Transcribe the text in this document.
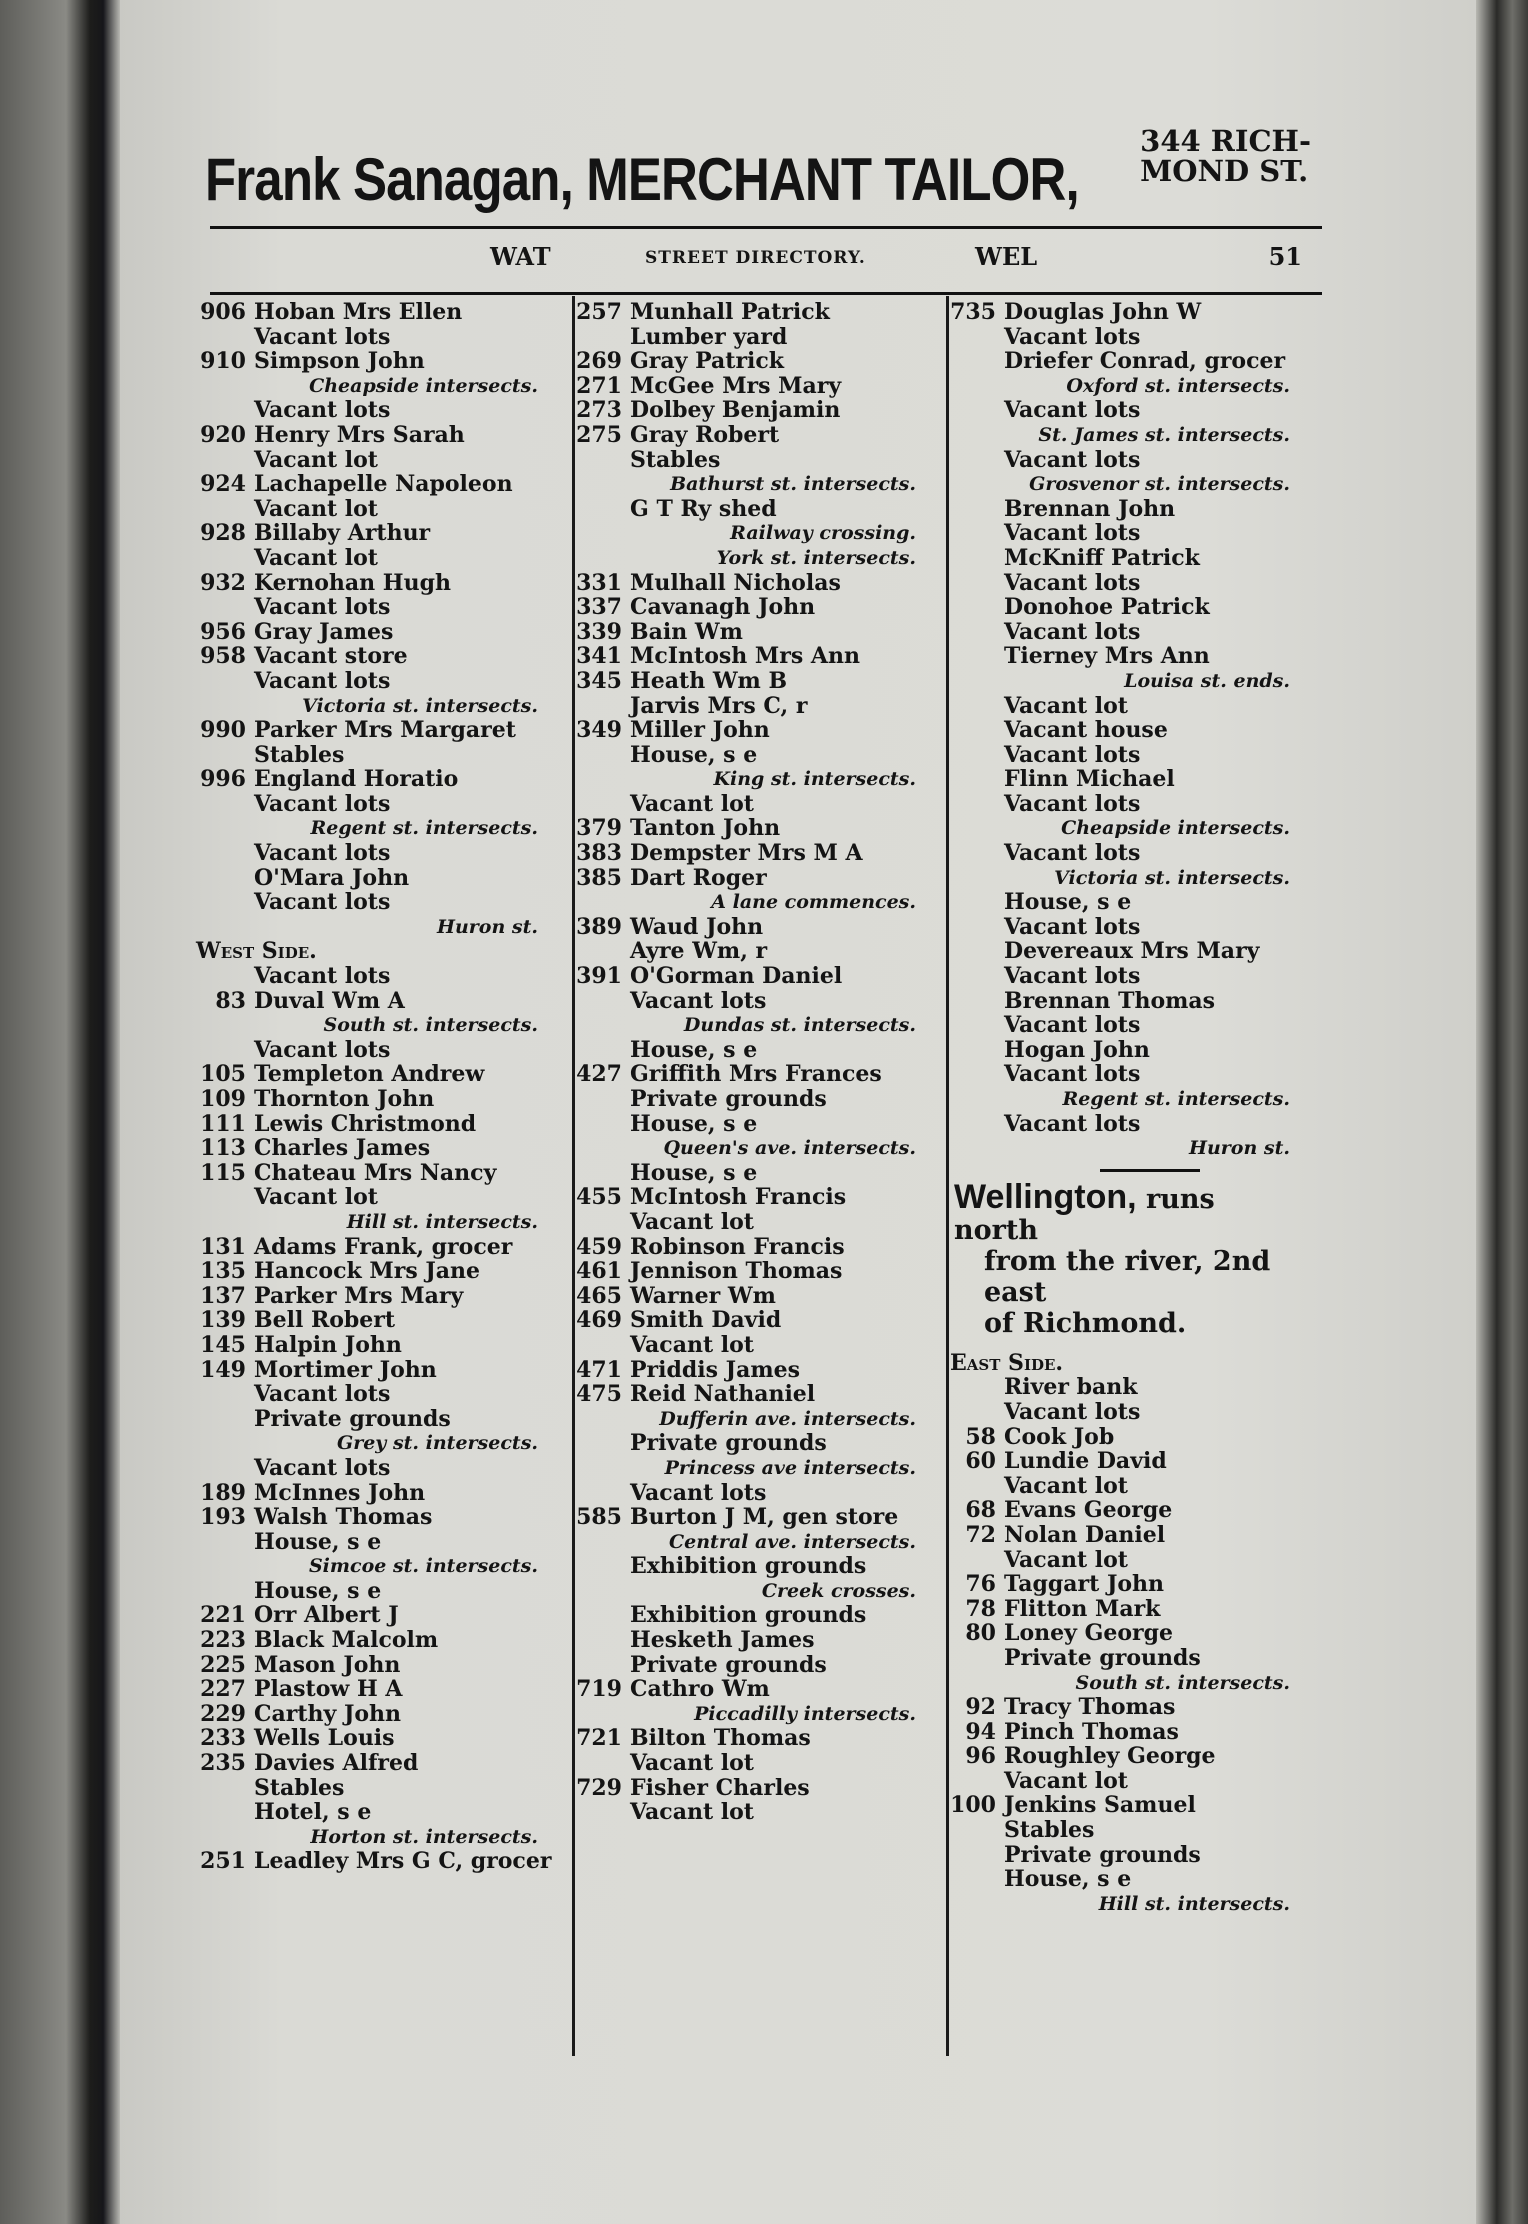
Frank Sanagan, MERCHANT TAILOR,
344 RICH-
MOND ST.
WAT	STREET DIRECTORY.	WEL	51
906 Hoban Mrs Ellen
Vacant lots
910 Simpson John
Cheapside intersects.
Vacant lots
920 Henry Mrs Sarah
Vacant lot
924 Lachapelle Napoleon
Vacant lot
928 Billaby Arthur
Vacant lot
932 Kernohan Hugh
Vacant lots
956 Gray James
958 Vacant store
Vacant lots
Victoria st. intersects.
990 Parker Mrs Margaret
Stables
996 England Horatio
Vacant lots
Regent st. intersects.
Vacant lots
O'Mara John
Vacant lots
Huron st.
West Side.
Vacant lots
83 Duval Wm A
South st. intersects.
Vacant lots
105 Templeton Andrew
109 Thornton John
111 Lewis Christmond
113 Charles James
115 Chateau Mrs Nancy
Vacant lot
Hill st. intersects.
131 Adams Frank, grocer
135 Hancock Mrs Jane
137 Parker Mrs Mary
139 Bell Robert
145 Halpin John
149 Mortimer John
Vacant lots
Private grounds
Grey st. intersects.
Vacant lots
189 McInnes John
193 Walsh Thomas
House, s e
Simcoe st. intersects.
House, s e
221 Orr Albert J
223 Black Malcolm
225 Mason John
227 Plastow H A
229 Carthy John
233 Wells Louis
235 Davies Alfred
Stables
Hotel, s e
Horton st. intersects.
251 Leadley Mrs G C, grocer
257 Munhall Patrick
Lumber yard
269 Gray Patrick
271 McGee Mrs Mary
273 Dolbey Benjamin
275 Gray Robert
Stables
Bathurst st. intersects.
G T Ry shed
Railway crossing.
York st. intersects.
331 Mulhall Nicholas
337 Cavanagh John
339 Bain Wm
341 McIntosh Mrs Ann
345 Heath Wm B
Jarvis Mrs C, r
349 Miller John
House, s e
King st. intersects.
Vacant lot
379 Tanton John
383 Dempster Mrs M A
385 Dart Roger
A lane commences.
389 Waud John
Ayre Wm, r
391 O'Gorman Daniel
Vacant lots
Dundas st. intersects.
House, s e
427 Griffith Mrs Frances
Private grounds
House, s e
Queen's ave. intersects.
House, s e
455 McIntosh Francis
Vacant lot
459 Robinson Francis
461 Jennison Thomas
465 Warner Wm
469 Smith David
Vacant lot
471 Priddis James
475 Reid Nathaniel
Dufferin ave. intersects.
Private grounds
Princess ave intersects.
Vacant lots
585 Burton J M, gen store
Central ave. intersects.
Exhibition grounds
Creek crosses.
Exhibition grounds
Hesketh James
Private grounds
719 Cathro Wm
Piccadilly intersects.
721 Bilton Thomas
Vacant lot
729 Fisher Charles
Vacant lot
735 Douglas John W
Vacant lots
Driefer Conrad, grocer
Oxford st. intersects.
Vacant lots
St. James st. intersects.
Vacant lots
Grosvenor st. intersects.
Brennan John
Vacant lots
McKniff Patrick
Vacant lots
Donohoe Patrick
Vacant lots
Tierney Mrs Ann
Louisa st. ends.
Vacant lot
Vacant house
Vacant lots
Flinn Michael
Vacant lots
Cheapside intersects.
Vacant lots
Victoria st. intersects.
House, s e
Vacant lots
Devereaux Mrs Mary
Vacant lots
Brennan Thomas
Vacant lots
Hogan John
Vacant lots
Regent st. intersects.
Vacant lots
Huron st.
Wellington, runs north
from the river, 2nd east
of Richmond.
East Side.
River bank
Vacant lots
58 Cook Job
60 Lundie David
Vacant lot
68 Evans George
72 Nolan Daniel
Vacant lot
76 Taggart John
78 Flitton Mark
80 Loney George
Private grounds
South st. intersects.
92 Tracy Thomas
94 Pinch Thomas
96 Roughley George
Vacant lot
100 Jenkins Samuel
Stables
Private grounds
House, s e
Hill st. intersects.
